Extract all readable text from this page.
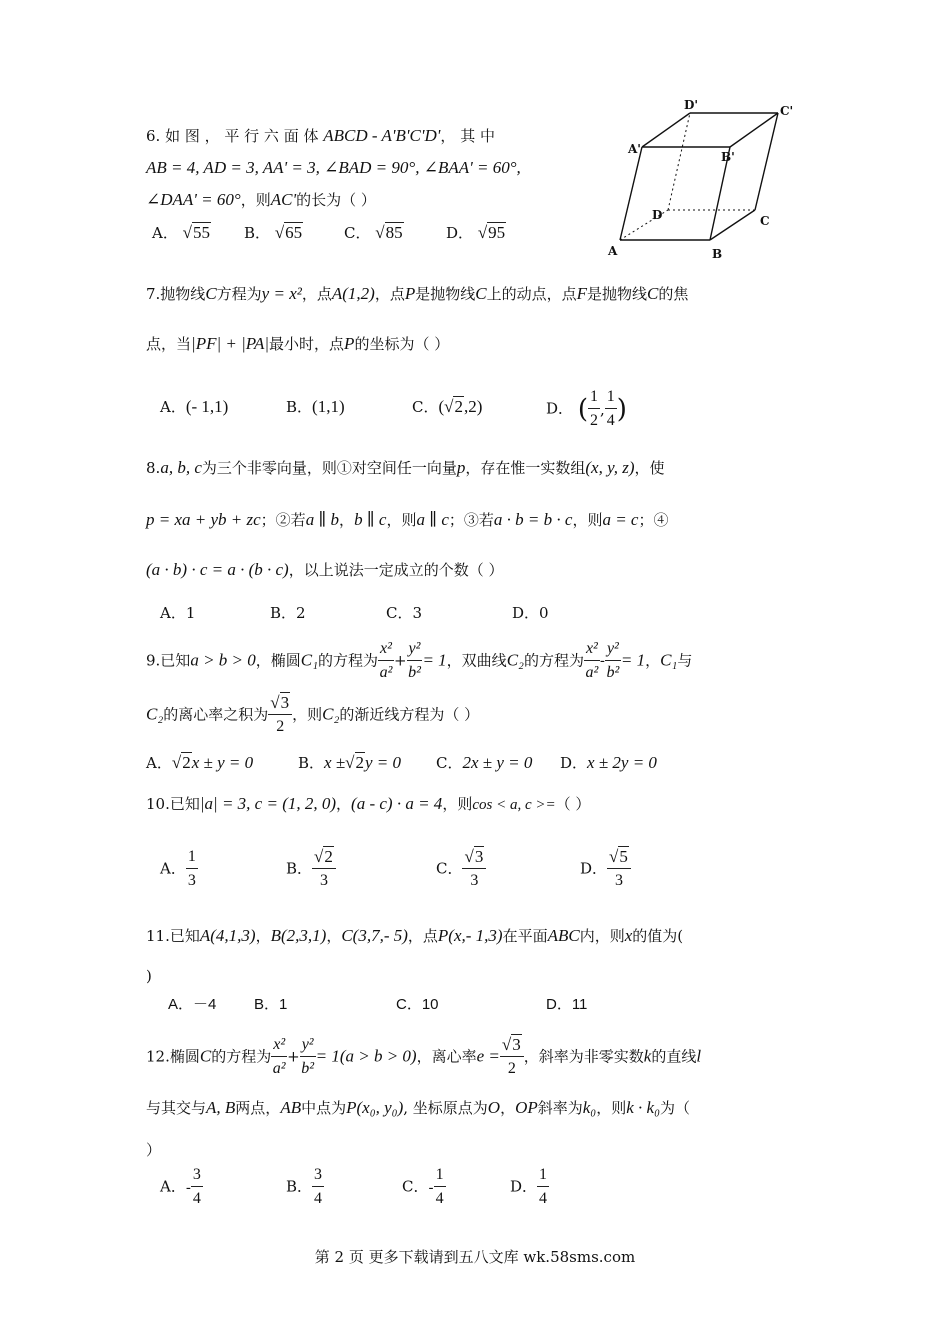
6. 如 图 ， 平 行 六 面 体 ABCD - A'B'C'D'， 其 中
AB = 4, AD = 3, AA' = 3, ∠BAD = 90°, ∠BAA' = 60°,
∠DAA' = 60°，则AC'的长为（ ）
A． √55 B． √65	C． √85	D． √95
A	B
C
D
A'
B'
C'
D'
7.抛物线C方程为y = x²，点A(1,2)，点P是抛物线C上的动点，点F是抛物线C的焦
点，当|PF| + |PA|最小时，点P的坐标为（ ）
A．(- 1,1)	B．(1,1)	C．(√2,2)	D． ( $\frac{1}{2}$ , $\frac{1}{4}$ )
8.a, b, c为三个非零向量，则①对空间任一向量p，存在惟一实数组(x, y, z)，使
p = xa + yb + zc；②若a ∥ b，b ∥ c，则a ∥ c；③若a · b = b · c，则a = c；④
(a · b) · c = a · (b · c)，以上说法一定成立的个数（ ）
A．1	B．2	C．3	D．0
9.已知a > b > 0，椭圆C₁的方程为 $\frac{\text{x²}}{\text{a²}} + \frac{\text{y²}}{\text{b²}} = 1$，双曲线C₂的方程为 $\frac{\text{x²}}{\text{a²}} - \frac{\text{y²}}{\text{b²}} = 1$，C₁与
C₂的离心率之积为 $\frac{√3}{2}$ ，则C₂的渐近线方程为（ ）
A．√2x ± y = 0	B．x ±√2y = 0 C．2x ± y = 0 D．x ± 2y = 0
10.已知|a| = 3, c = (1, 2, 0)，(a - c) · a = 4，则cos < a, c >=（ ）
A． $\frac{1}{3}$	B． $\frac{√2}{3}$	C． $\frac{√3}{3}$	D． $\frac{√5}{3}$
11.已知A(4,1,3)，B(2,3,1)，C(3,7,- 5)，点P(x,- 1,3)在平面ABC内，则x的值为(
)
A．－4	B．1	C．10	D．11
12.椭圆C的方程为 $\frac{\text{x²}}{\text{a²}} + \frac{\text{y²}}{\text{b²}} = 1(a > b > 0)$，离心率$e = \frac{√3}{2}$ ，斜率为非零实数k的直线l
与其交与A, B两点，AB中点为P(x₀, y₀), 坐标原点为O，OP斜率为k₀，则k · k₀为（
）
A．- $\frac{3}{4}$	B． $\frac{3}{4}$	C．- $\frac{1}{4}$	D． $\frac{1}{4}$
第 2 页 更多下载请到五八文库 wk.58sms.com
